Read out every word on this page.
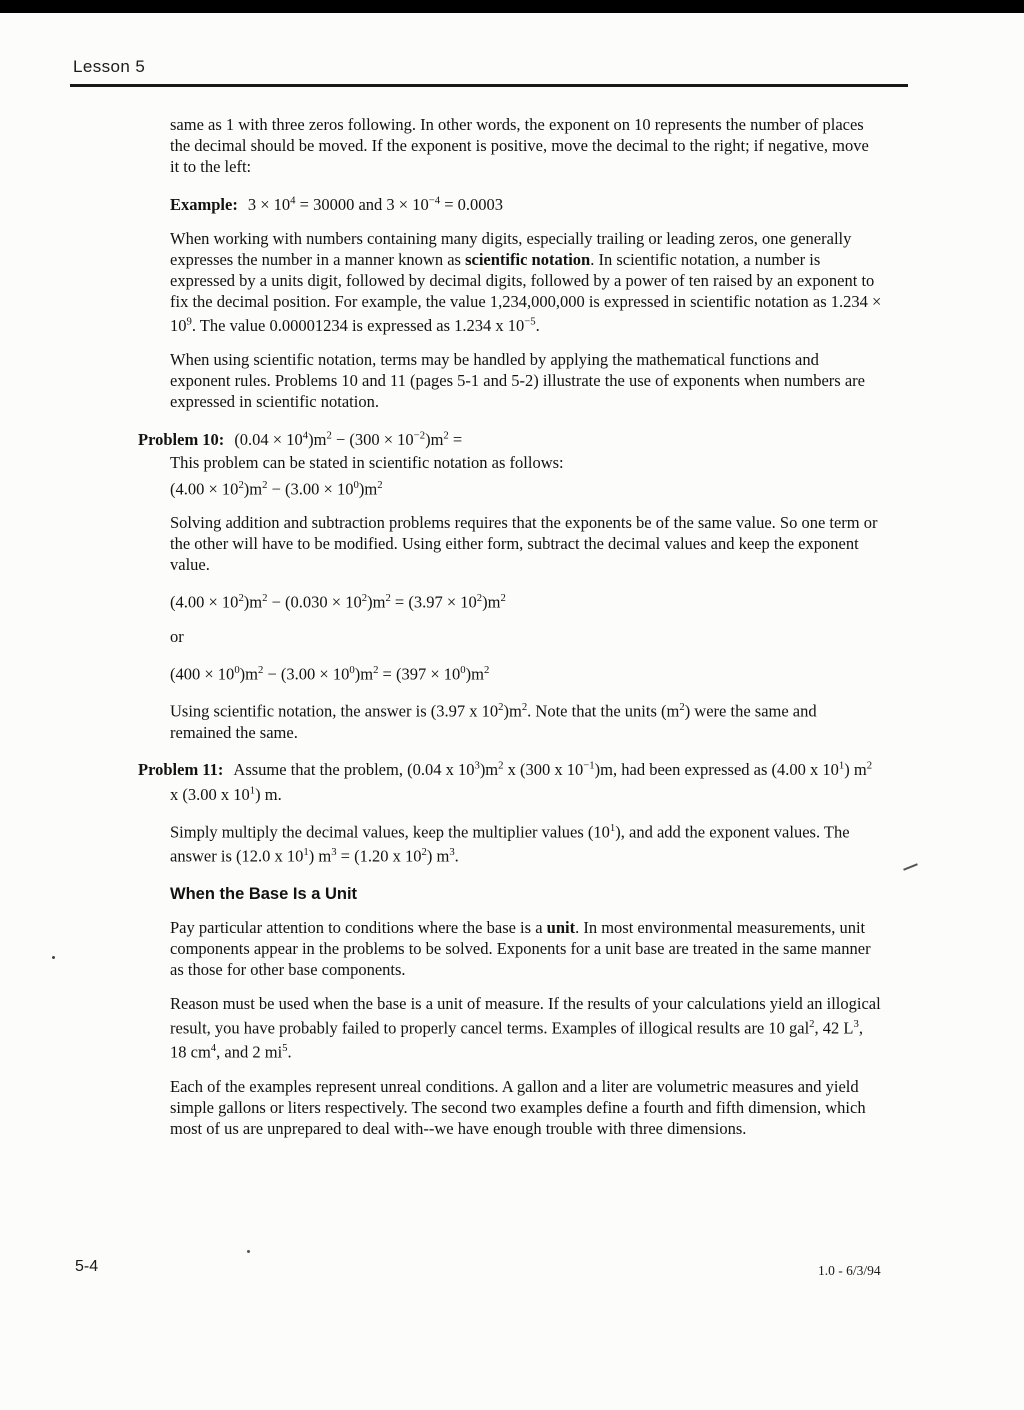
Lesson 5

same as 1 with three zeros following. In other words, the exponent on 10 represents the number of places the decimal should be moved. If the exponent is positive, move the decimal to the right; if negative, move it to the left:

Example: $3 \times 10^4 = 30000$ and $3 \times 10^{-4} = 0.0003$

When working with numbers containing many digits, especially trailing or leading zeros, one generally expresses the number in a manner known as scientific notation. In scientific notation, a number is expressed by a units digit, followed by decimal digits, followed by a power of ten raised by an exponent to fix the decimal position. For example, the value 1,234,000,000 is expressed in scientific notation as $1.234 \times 10^9$. The value 0.00001234 is expressed as 1.234 x $10^{-5}$.

When using scientific notation, terms may be handled by applying the mathematical functions and exponent rules. Problems 10 and 11 (pages 5-1 and 5-2) illustrate the use of exponents when numbers are expressed in scientific notation.

Problem 10: $(0.04 \times 10^4)m^2 - (300 \times 10^{-2})m^2$ =

This problem can be stated in scientific notation as follows:

$(4.00 \times 10^2)m^2 - (3.00 \times 10^0)m^2$

Solving addition and subtraction problems requires that the exponents be of the same value. So one term or the other will have to be modified. Using either form, subtract the decimal values and keep the exponent value.

$(4.00 \times 10^2)m^2 - (0.030 \times 10^2)m^2 = (3.97 \times 10^2)m^2$

or

$(400 \times 10^0)m^2 - (3.00 \times 10^0)m^2 = (397 \times 10^0)m^2$

Using scientific notation, the answer is (3.97 x $10^2)m^2$. Note that the units $(m^2)$ were the same and remained the same.

Problem 11: Assume that the problem, (0.04 x $10^3)m^2$ x (300 x $10^{-1})m$, had been expressed as (4.00 x $10^1$) $m^2$ x (3.00 x $10^1$) m.

Simply multiply the decimal values, keep the multiplier values $(10^1)$, and add the exponent values. The answer is (12.0 x $10^1$) $m^3 = (1.20$ x $10^2$) $m^3$.

When the Base Is a Unit

Pay particular attention to conditions where the base is a unit. In most environmental measurements, unit components appear in the problems to be solved. Exponents for a unit base are treated in the same manner as those for other base components.

Reason must be used when the base is a unit of measure. If the results of your calculations yield an illogical result, you have probably failed to properly cancel terms. Examples of illogical results are 10 gal$^2$, 42 $L^3$, 18 $cm^4$, and 2 $mi^5$.

Each of the examples represent unreal conditions. A gallon and a liter are volumetric measures and yield simple gallons or liters respectively. The second two examples define a fourth and fifth dimension, which most of us are unprepared to deal with--we have enough trouble with three dimensions.

5-4	1.0 - 6/3/94
